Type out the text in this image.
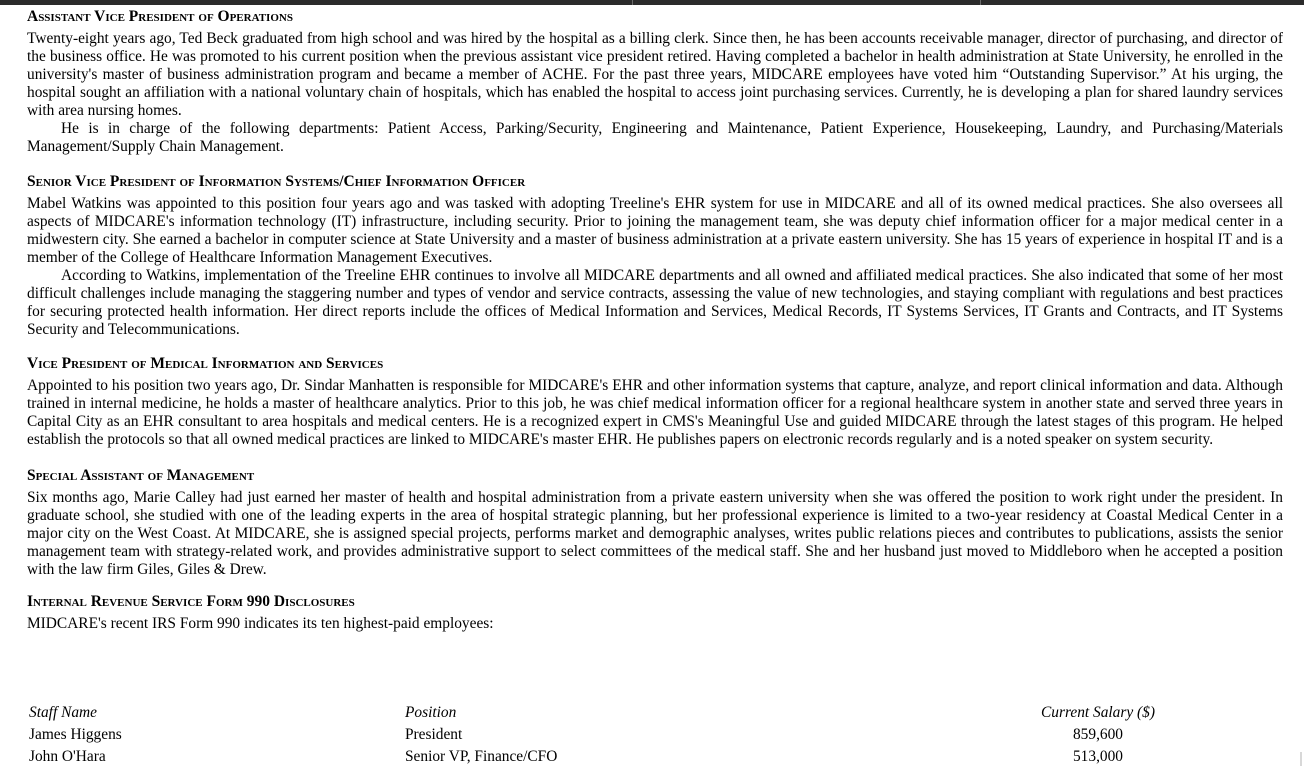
Assistant Vice President of Operations

Twenty-eight years ago, Ted Beck graduated from high school and was hired by the hospital as a billing clerk. Since then, he has been accounts receivable manager, director of purchasing, and director of the business office. He was promoted to his current position when the previous assistant vice president retired. Having completed a bachelor in health administration at State University, he enrolled in the university's master of business administration program and became a member of ACHE. For the past three years, MIDCARE employees have voted him “Outstanding Supervisor.” At his urging, the hospital sought an affiliation with a national voluntary chain of hospitals, which has enabled the hospital to access joint purchasing services. Currently, he is developing a plan for shared laundry services with area nursing homes.

He is in charge of the following departments: Patient Access, Parking/Security, Engineering and Maintenance, Patient Experience, Housekeeping, Laundry, and Purchasing/Materials Management/Supply Chain Management.

Senior Vice President of Information Systems/Chief Information Officer

Mabel Watkins was appointed to this position four years ago and was tasked with adopting Treeline's EHR system for use in MIDCARE and all of its owned medical practices. She also oversees all aspects of MIDCARE's information technology (IT) infrastructure, including security. Prior to joining the management team, she was deputy chief information officer for a major medical center in a midwestern city. She earned a bachelor in computer science at State University and a master of business administration at a private eastern university. She has 15 years of experience in hospital IT and is a member of the College of Healthcare Information Management Executives.

According to Watkins, implementation of the Treeline EHR continues to involve all MIDCARE departments and all owned and affiliated medical practices. She also indicated that some of her most difficult challenges include managing the staggering number and types of vendor and service contracts, assessing the value of new technologies, and staying compliant with regulations and best practices for securing protected health information. Her direct reports include the offices of Medical Information and Services, Medical Records, IT Systems Services, IT Grants and Contracts, and IT Systems Security and Telecommunications.

Vice President of Medical Information and Services

Appointed to his position two years ago, Dr. Sindar Manhatten is responsible for MIDCARE's EHR and other information systems that capture, analyze, and report clinical information and data. Although trained in internal medicine, he holds a master of healthcare analytics. Prior to this job, he was chief medical information officer for a regional healthcare system in another state and served three years in Capital City as an EHR consultant to area hospitals and medical centers. He is a recognized expert in CMS's Meaningful Use and guided MIDCARE through the latest stages of this program. He helped establish the protocols so that all owned medical practices are linked to MIDCARE's master EHR. He publishes papers on electronic records regularly and is a noted speaker on system security.

Special Assistant of Management

Six months ago, Marie Calley had just earned her master of health and hospital administration from a private eastern university when she was offered the position to work right under the president. In graduate school, she studied with one of the leading experts in the area of hospital strategic planning, but her professional experience is limited to a two-year residency at Coastal Medical Center in a major city on the West Coast. At MIDCARE, she is assigned special projects, performs market and demographic analyses, writes public relations pieces and contributes to publications, assists the senior management team with strategy-related work, and provides administrative support to select committees of the medical staff. She and her husband just moved to Middleboro when he accepted a position with the law firm Giles, Giles & Drew.

Internal Revenue Service Form 990 Disclosures

MIDCARE's recent IRS Form 990 indicates its ten highest-paid employees:

Staff Name	Position	Current Salary ($)
James Higgens	President	859,600
John O'Hara	Senior VP, Finance/CFO	513,000
